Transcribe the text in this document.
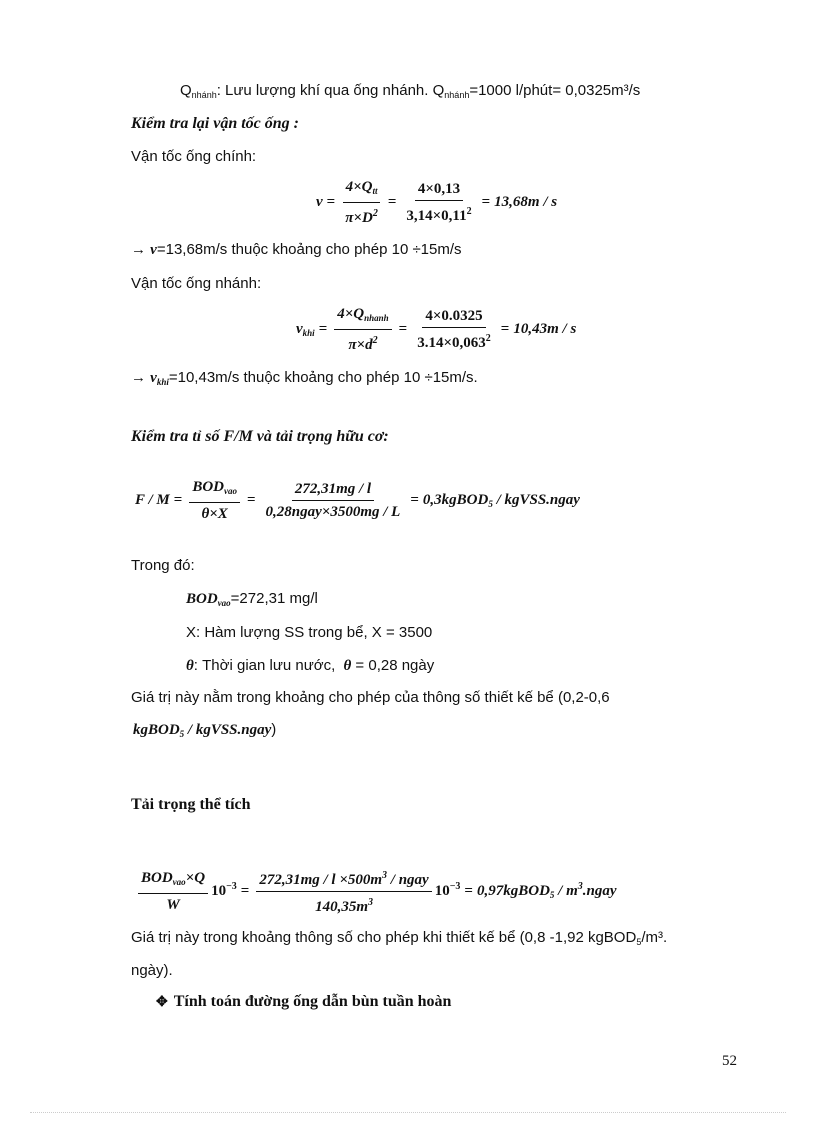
$Q_{nhánh}$: Lưu lượng khí qua ống nhánh. $Q_{nhánh}=1000$ l/phút= 0,0325m³/s
Kiểm tra lại vận tốc ống :
Vận tốc ống chính:
$v = \frac{4\times Q_{tt}}{\pi\times D^2} = \frac{4\times 0,13}{3,14\times 0,11^2} = 13,68m / s$
→ v=13,68m/s thuộc khoảng cho phép 10 ÷15m/s
Vận tốc ống nhánh:
$v_{khi} = \frac{4\times Q_{nhanh}}{\pi\times d^2} = \frac{4\times 0.0325}{3.14\times 0,063^2} = 10,43m / s$
→ $v_{khi}=10,43m/s$ thuộc khoảng cho phép 10 ÷15m/s.
Kiểm tra tỉ số F/M và tải trọng hữu cơ:
$F / M = \frac{BOD_{vao}}{\theta\times X} = \frac{272,31mg / l}{\text{0,28ngay×3500mg / L}}$ = 0,3kgBOD$_5$ / kgVSS.ngay
Trong đó:
$BOD_{vao}=272,31$ mg/l
X: Hàm lượng SS trong bể, X = 3500
θ: Thời gian lưu nước, θ = 0,28 ngày
Giá trị này nằm trong khoảng cho phép của thông số thiết kế bể (0,2-0,6
kgBOD$_5$ / kgVSS.ngay)
Tải trọng thể tích
$\frac{BOD_{vao}\times Q}{W} 10^{-3} = \frac{272,31mg / l \times 500m^3 / ngay}{140,35m^3} 10^{-3}$ = 0,97kgBOD$_5$ / $m^3.ngay$
Giá trị này trong khoảng thông số cho phép khi thiết kế bể (0,8 -1,92 kgBOD$_5$/m³.
ngày).
✥ Tính toán đường ống dẫn bùn tuần hoàn
52
